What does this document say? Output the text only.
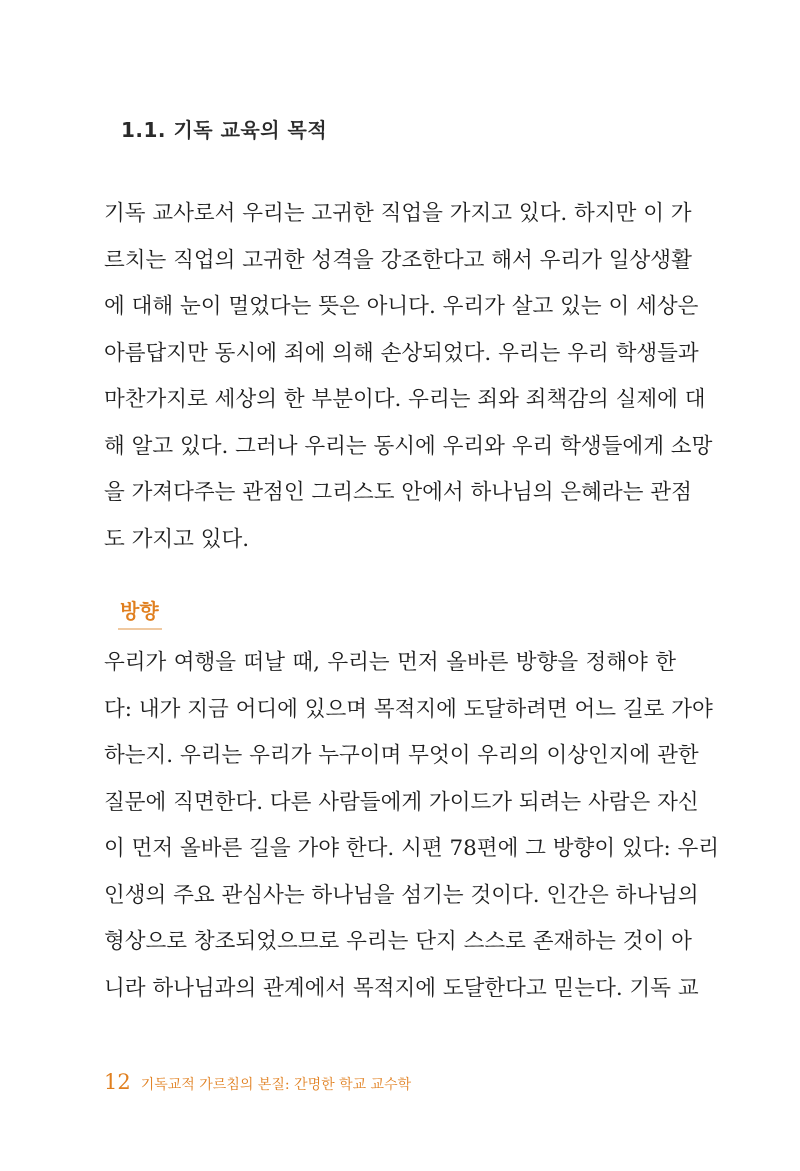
1.1. 기독 교육의 목적

기독 교사로서 우리는 고귀한 직업을 가지고 있다. 하지만 이 가
르치는 직업의 고귀한 성격을 강조한다고 해서 우리가 일상생활
에 대해 눈이 멀었다는 뜻은 아니다. 우리가 살고 있는 이 세상은
아름답지만 동시에 죄에 의해 손상되었다. 우리는 우리 학생들과
마찬가지로 세상의 한 부분이다. 우리는 죄와 죄책감의 실제에 대
해 알고 있다. 그러나 우리는 동시에 우리와 우리 학생들에게 소망
을 가져다주는 관점인 그리스도 안에서 하나님의 은혜라는 관점
도 가지고 있다.

방향

우리가 여행을 떠날 때, 우리는 먼저 올바른 방향을 정해야 한
다: 내가 지금 어디에 있으며 목적지에 도달하려면 어느 길로 가야
하는지. 우리는 우리가 누구이며 무엇이 우리의 이상인지에 관한
질문에 직면한다. 다른 사람들에게 가이드가 되려는 사람은 자신
이 먼저 올바른 길을 가야 한다. 시편 78편에 그 방향이 있다: 우리
인생의 주요 관심사는 하나님을 섬기는 것이다. 인간은 하나님의
형상으로 창조되었으므로 우리는 단지 스스로 존재하는 것이 아
니라 하나님과의 관계에서 목적지에 도달한다고 믿는다. 기독 교

12 기독교적 가르침의 본질: 간명한 학교 교수학
